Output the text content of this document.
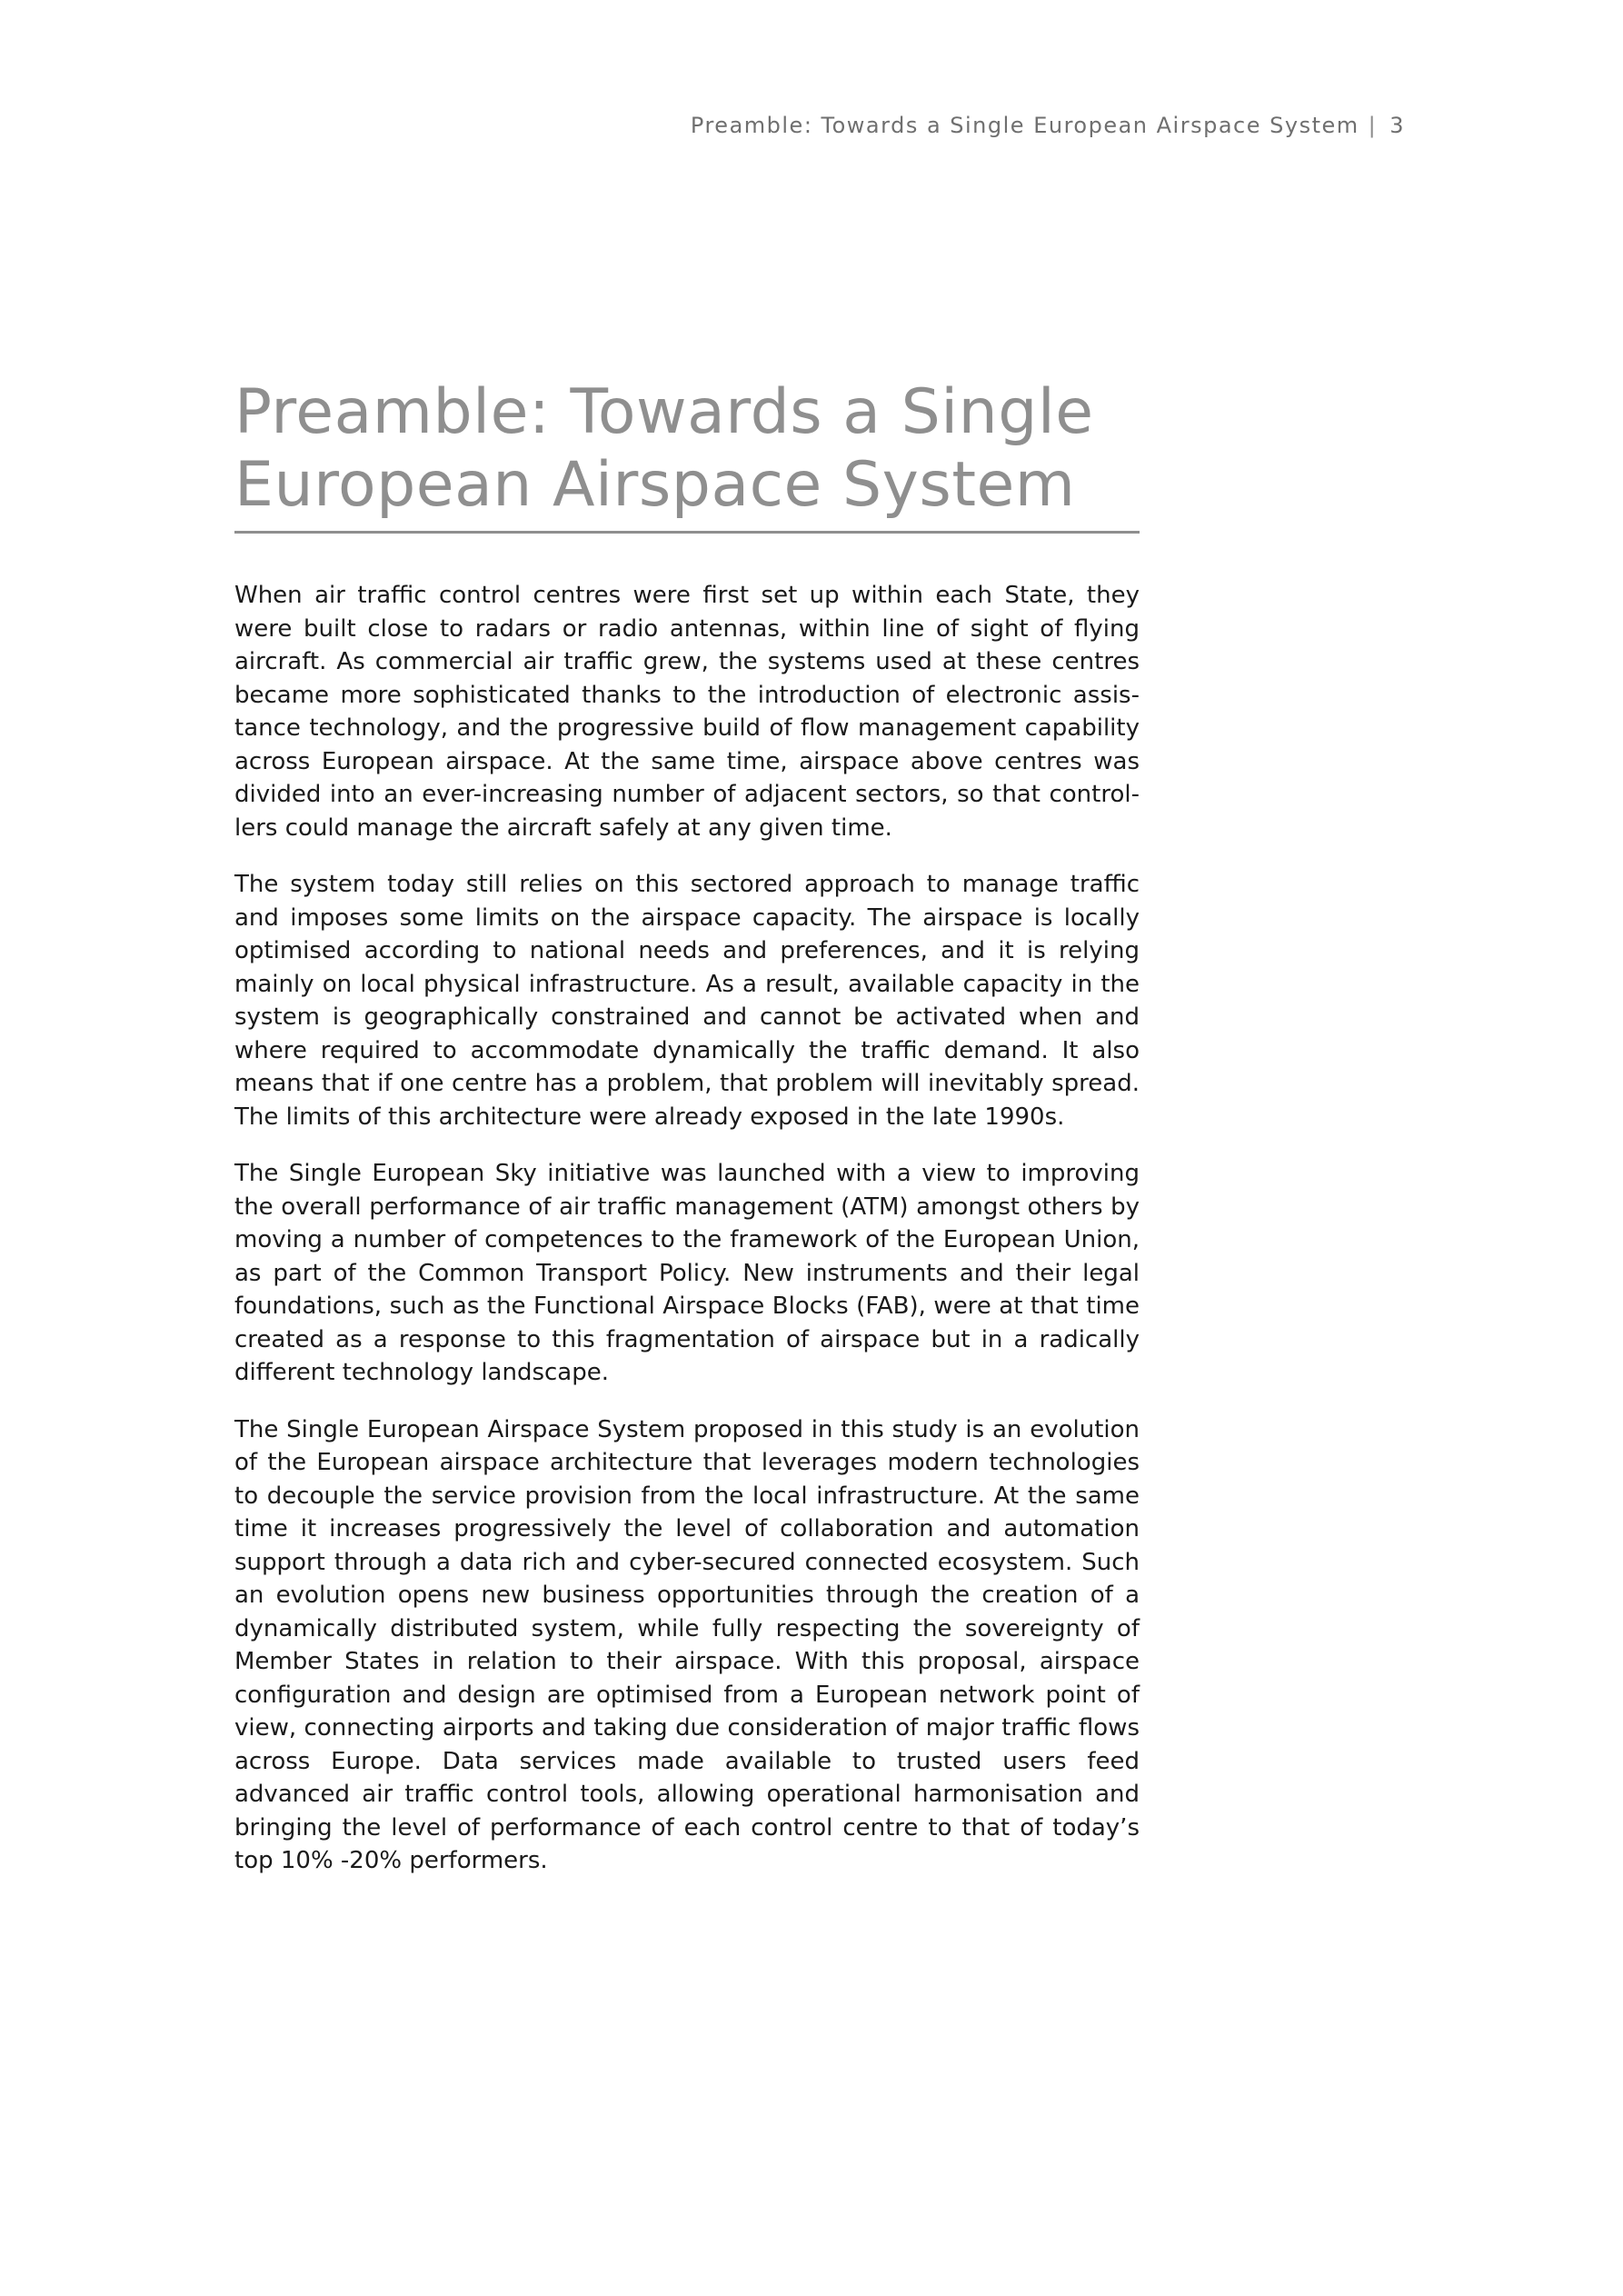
Preamble: Towards a Single European Airspace System | 3
Preamble: Towards a Single
European Airspace System

When air traffic control centres were first set up within each State, they were built close to radars or radio antennas, within line of sight of flying aircraft. As commercial air traffic grew, the systems used at these centres became more sophisticated thanks to the introduction of electronic assistance technology, and the progressive build of flow management capability across European airspace. At the same time, airspace above centres was divided into an ever-increasing number of adjacent sectors, so that controllers could manage the aircraft safely at any given time.

The system today still relies on this sectored approach to manage traffic and imposes some limits on the airspace capacity. The airspace is locally optimised according to national needs and preferences, and it is relying mainly on local physical infrastructure. As a result, available capacity in the system is geographically constrained and cannot be activated when and where required to accommodate dynamically the traffic demand. It also means that if one centre has a problem, that problem will inevitably spread. The limits of this architecture were already exposed in the late 1990s.

The Single European Sky initiative was launched with a view to improving the overall performance of air traffic management (ATM) amongst others by moving a number of competences to the framework of the European Union, as part of the Common Transport Policy. New instruments and their legal foundations, such as the Functional Airspace Blocks (FAB), were at that time created as a response to this fragmentation of airspace but in a radically different technology landscape.

The Single European Airspace System proposed in this study is an evolution of the European airspace architecture that leverages modern technologies to decouple the service provision from the local infrastructure. At the same time it increases progressively the level of collaboration and automation support through a data rich and cyber-secured connected ecosystem. Such an evolution opens new business opportunities through the creation of a dynamically distributed system, while fully respecting the sovereignty of Member States in relation to their airspace. With this proposal, airspace configuration and design are optimised from a European network point of view, connecting airports and taking due consideration of major traffic flows across Europe. Data services made available to trusted users feed advanced air traffic control tools, allowing operational harmonisation and bringing the level of performance of each control centre to that of today’s top 10% -20% performers.
